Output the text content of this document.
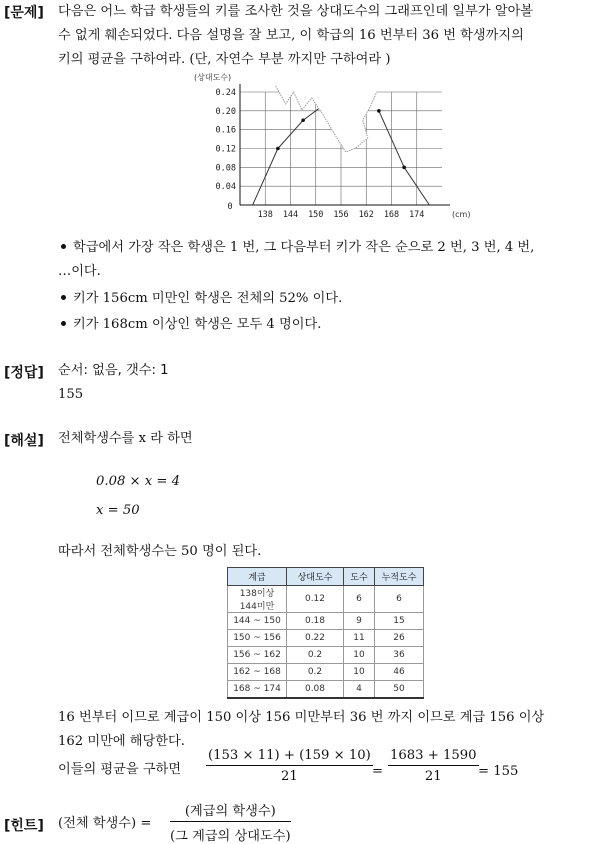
[문제] 다음은 어느 학급 학생들의 키를 조사한 것을 상대도수의 그래프인데 일부가 알아볼
수 없게 훼손되었다. 다음 설명을 잘 보고, 이 학급의 16 번부터 36 번 학생까지의
키의 평균을 구하여라. (단, 자연수 부분 까지만 구하여라 )
0.24
0.20
0.16
0.12
0.08
0.04
138 144 150 156 162 168 174
0
(상대도수)
(cm)
학급에서 가장 작은 학생은 1 번, 그 다음부터 키가 작은 순으로 2 번, 3 번, 4 번,
…이다.
키가 156cm 미만인 학생은 전체의 52% 이다.
키가 168cm 이상인 학생은 모두 4 명이다.
[정답] 순서: 없음, 갯수: 1
155
[해설] 전체학생수를 x 라 하면
0.08 × x = 4
x = 50
따라서 전체학생수는 50 명이 된다.
계급	상대도수	도수	누적도수
138이상 144미만	0.12	6	6
144 ~ 150	0.18	9	15
150 ~ 156	0.22	11	26
156 ~ 162	0.2	10	36
162 ~ 168	0.2	10	46
168 ~ 174	0.08	4	50
16 번부터 이므로 계급이 150 이상 156 미만부터 36 번 까지 이므로 계급 156 이상
162 미만에 해당한다.
이들의 평균을 구하면 $\frac{(153 \times 11) + (159 \times 10)}{21} = \frac{1683 + 1590}{21} = 155$
[힌트] (전체 학생수) =
(계급의 학생수)
(그 계급의 상대도수)
